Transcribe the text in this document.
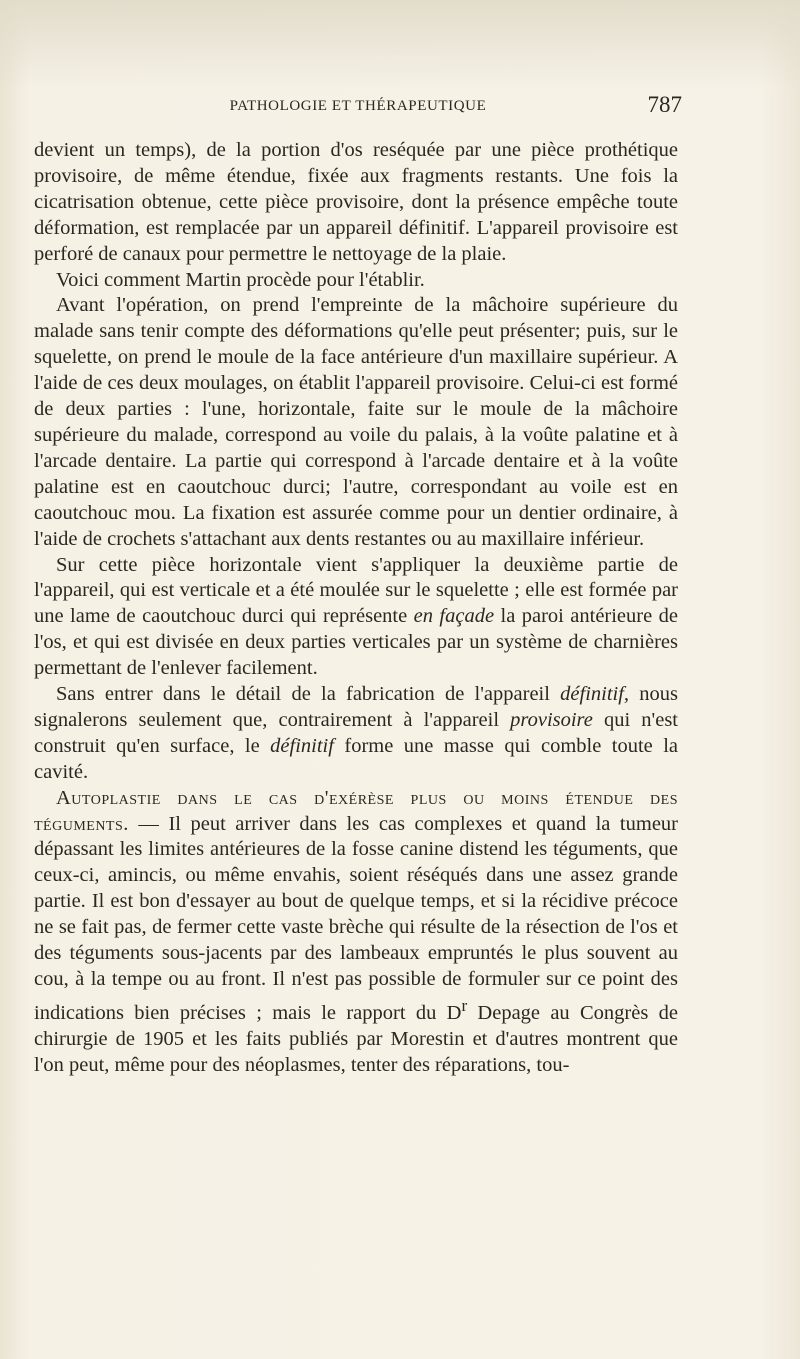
PATHOLOGIE ET THÉRAPEUTIQUE	787

devient un temps), de la portion d'os reséquée par une pièce prothétique provisoire, de même étendue, fixée aux fragments restants. Une fois la cicatrisation obtenue, cette pièce provisoire, dont la présence empêche toute déformation, est remplacée par un appareil définitif. L'appareil provisoire est perforé de canaux pour permettre le nettoyage de la plaie.

Voici comment Martin procède pour l'établir.

Avant l'opération, on prend l'empreinte de la mâchoire supérieure du malade sans tenir compte des déformations qu'elle peut présenter; puis, sur le squelette, on prend le moule de la face antérieure d'un maxillaire supérieur. A l'aide de ces deux moulages, on établit l'appareil provisoire. Celui-ci est formé de deux parties : l'une, horizontale, faite sur le moule de la mâchoire supérieure du malade, correspond au voile du palais, à la voûte palatine et à l'arcade dentaire. La partie qui correspond à l'arcade dentaire et à la voûte palatine est en caoutchouc durci; l'autre, correspondant au voile est en caoutchouc mou. La fixation est assurée comme pour un dentier ordinaire, à l'aide de crochets s'attachant aux dents restantes ou au maxillaire inférieur.

Sur cette pièce horizontale vient s'appliquer la deuxième partie de l'appareil, qui est verticale et a été moulée sur le squelette ; elle est formée par une lame de caoutchouc durci qui représente en façade la paroi antérieure de l'os, et qui est divisée en deux parties verticales par un système de charnières permettant de l'enlever facilement.

Sans entrer dans le détail de la fabrication de l'appareil définitif, nous signalerons seulement que, contrairement à l'appareil provisoire qui n'est construit qu'en surface, le définitif forme une masse qui comble toute la cavité.

Autoplastie dans le cas d'exérèse plus ou moins étendue des téguments. — Il peut arriver dans les cas complexes et quand la tumeur dépassant les limites antérieures de la fosse canine distend les téguments, que ceux-ci, amincis, ou même envahis, soient réséqués dans une assez grande partie. Il est bon d'essayer au bout de quelque temps, et si la récidive précoce ne se fait pas, de fermer cette vaste brèche qui résulte de la résection de l'os et des téguments sous-jacents par des lambeaux empruntés le plus souvent au cou, à la tempe ou au front. Il n'est pas possible de formuler sur ce point des indications bien précises ; mais le rapport du $D^r$ Depage au Congrès de chirurgie de 1905 et les faits publiés par Morestin et d'autres montrent que l'on peut, même pour des néoplasmes, tenter des réparations, tou-
